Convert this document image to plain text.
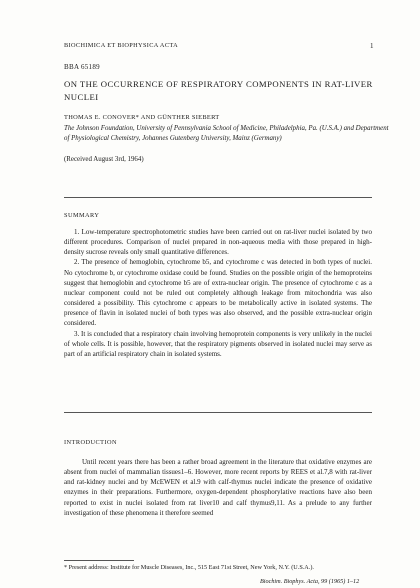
BIOCHIMICA ET BIOPHYSICA ACTA	1
BBA 65189
ON THE OCCURRENCE OF RESPIRATORY COMPONENTS IN RAT-LIVER NUCLEI
THOMAS E. CONOVER* AND GÜNTHER SIEBERT
The Johnson Foundation, University of Pennsylvania School of Medicine, Philadelphia, Pa. (U.S.A.) and Department of Physiological Chemistry, Johannes Gutenberg University, Mainz (Germany)
(Received August 3rd, 1964)
SUMMARY

1. Low-temperature spectrophotometric studies have been carried out on rat-liver nuclei isolated by two different procedures. Comparison of nuclei prepared in non-aqueous media with those prepared in high-density sucrose reveals only small quantitative differences.

2. The presence of hemoglobin, cytochrome b5, and cytochrome c was detected in both types of nuclei. No cytochrome b, or cytochrome oxidase could be found. Studies on the possible origin of the hemoproteins suggest that hemoglobin and cytochrome b5 are of extra-nuclear origin. The presence of cytochrome c as a nuclear component could not be ruled out completely although leakage from mitochondria was also considered a possibility. This cytochrome c appears to be metabolically active in isolated systems. The presence of flavin in isolated nuclei of both types was also observed, and the possible extra-nuclear origin considered.

3. It is concluded that a respiratory chain involving hemoprotein components is very unlikely in the nuclei of whole cells. It is possible, however, that the respiratory pigments observed in isolated nuclei may serve as part of an artificial respiratory chain in isolated systems.

INTRODUCTION

Until recent years there has been a rather broad agreement in the literature that oxidative enzymes are absent from nuclei of mammalian tissues1–6. However, more recent reports by REES et al.7,8 with rat-liver and rat-kidney nuclei and by McEWEN et al.9 with calf-thymus nuclei indicate the presence of oxidative enzymes in their preparations. Furthermore, oxygen-dependent phosphorylative reactions have also been reported to exist in nuclei isolated from rat liver10 and calf thymus9,11. As a prelude to any further investigation of these phenomena it therefore seemed

* Present address: Institute for Muscle Diseases, Inc., 515 East 71st Street, New York, N.Y. (U.S.A.).
Biochim. Biophys. Acta, 99 (1965) 1–12
